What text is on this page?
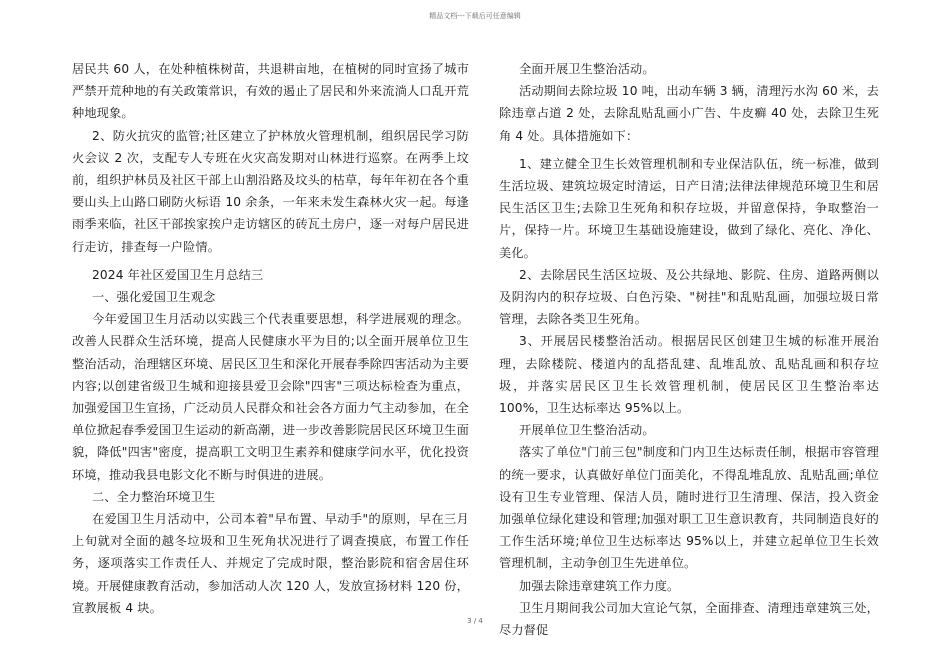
精品文档---下载后可任意编辑

居民共 60 人，在处种植株树苗，共退耕亩地，在植树的同时宣扬了城市严禁开荒种地的有关政策常识，有效的遏止了居民和外来流淌人口乱开荒种地现象。

2、防火抗灾的监管;社区建立了护林放火管理机制，组织居民学习防火会议 2 次，支配专人专班在火灾高发期对山林进行巡察。在两季上坟前，组织护林员及社区干部上山割沿路及坟头的枯草，每年年初在各个重要山头上山路口刷防火标语 10 余条，一年来未发生森林火灾一起。每逢雨季来临，社区干部挨家挨户走访辖区的砖瓦土房户，逐一对每户居民进行走访，排查每一户险情。

2024 年社区爱国卫生月总结三

一、强化爱国卫生观念

今年爱国卫生月活动以实践三个代表重要思想，科学进展观的理念。改善人民群众生活环境，提高人民健康水平为目的;以全面开展单位卫生整治活动，治理辖区环境、居民区卫生和深化开展春季除四害活动为主要内容;以创建省级卫生城和迎接县爱卫会除"四害"三项达标检查为重点，加强爱国卫生宣扬，广泛动员人民群众和社会各方面力气主动参加，在全单位掀起春季爱国卫生运动的新高潮，进一步改善影院居民区环境卫生面貌，降低"四害"密度，提高职工文明卫生素养和健康学问水平，优化投资环境，推动我县电影文化不断与时俱进的进展。

二、全力整治环境卫生

在爱国卫生月活动中，公司本着"早布置、早动手"的原则，早在三月上旬就对全面的越冬垃圾和卫生死角状况进行了调查摸底，布置工作任务，逐项落实工作责任人、并规定了完成时限，整治影院和宿舍居住环境。开展健康教育活动，参加活动人次 120 人，发放宣扬材料 120 份，宣教展板 4 块。

全面开展卫生整治活动。

活动期间去除垃圾 10 吨，出动车辆 3 辆，清理污水沟 60 米，去除违章占道 2 处，去除乱贴乱画小广告、牛皮癣 40 处，去除卫生死角 4 处。具体措施如下：

1、建立健全卫生长效管理机制和专业保洁队伍，统一标准，做到生活垃圾、建筑垃圾定时清运，日产日清;法律法律规范环境卫生和居民生活区卫生;去除卫生死角和积存垃圾，并留意保持，争取整治一片，保持一片。环境卫生基础设施建设，做到了绿化、亮化、净化、美化。

2、去除居民生活区垃圾、及公共绿地、影院、住房、道路两侧以及阴沟内的积存垃圾、白色污染、"树挂"和乱贴乱画，加强垃圾日常管理，去除各类卫生死角。

3、开展居民楼整治活动。根据居民区创建卫生城的标准开展治理，去除楼院、楼道内的乱搭乱建、乱堆乱放、乱贴乱画和积存垃圾，并落实居民区卫生长效管理机制，使居民区卫生整治率达 100%，卫生达标率达 95%以上。

开展单位卫生整治活动。

落实了单位"门前三包"制度和门内卫生达标责任制，根据市容管理的统一要求，认真做好单位门面美化，不得乱堆乱放、乱贴乱画;单位设有卫生专业管理、保洁人员，随时进行卫生清理、保洁，投入资金加强单位绿化建设和管理;加强对职工卫生意识教育，共同制造良好的工作生活环境;单位卫生达标率达 95%以上，并建立起单位卫生长效管理机制，主动争创卫生先进单位。

加强去除违章建筑工作力度。

卫生月期间我公司加大宣论气氛，全面排查、清理违章建筑三处，尽力督促

3 / 4
